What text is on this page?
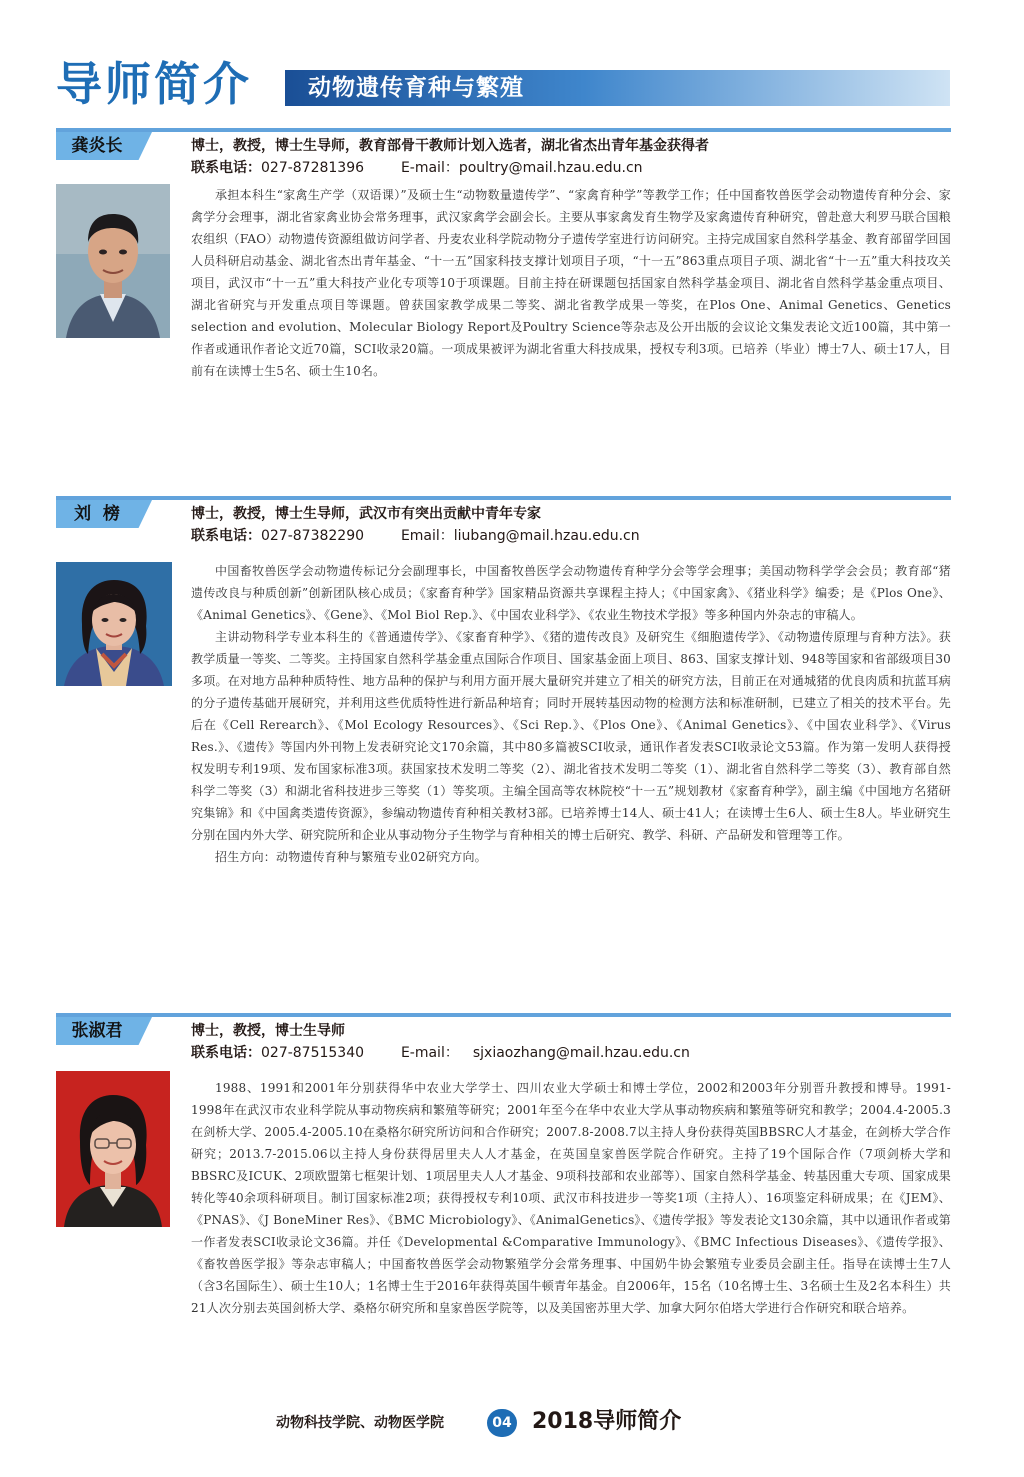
导师简介 动物遗传育种与繁殖
龚炎长	博士，教授，博士生导师，教育部骨干教师计划入选者，湖北省杰出青年基金获得者
联系电话：027-87281396	E-mail：poultry@mail.hzau.edu.cn

承担本科生“家禽生产学（双语课）”及硕士生“动物数量遗传学”、“家禽育种学”等教学工作；任中国畜牧兽医学会动物遗传育种分会、家禽学分会理事，湖北省家禽业协会常务理事，武汉家禽学会副会长。主要从事家禽发育生物学及家禽遗传育种研究，曾赴意大利罗马联合国粮农组织（FAO）动物遗传资源组做访问学者、丹麦农业科学院动物分子遗传学室进行访问研究。主持完成国家自然科学基金、教育部留学回国人员科研启动基金、湖北省杰出青年基金、“十一五”国家科技支撑计划项目子项，“十一五”863重点项目子项、湖北省“十一五”重大科技攻关项目，武汉市“十一五”重大科技产业化专项等10于项课题。目前主持在研课题包括国家自然科学基金项目、湖北省自然科学基金重点项目、湖北省研究与开发重点项目等课题。曾获国家教学成果二等奖、湖北省教学成果一等奖，在Plos One、Animal Genetics、Genetics selection and evolution、Molecular Biology Report及Poultry Science等杂志及公开出版的会议论文集发表论文近100篇，其中第一作者或通讯作者论文近70篇，SCI收录20篇。一项成果被评为湖北省重大科技成果，授权专利3项。已培养（毕业）博士7人、硕士17人，目前有在读博士生5名、硕士生10名。

刘  榜	博士，教授，博士生导师，武汉市有突出贡献中青年专家
联系电话：027-87382290	Email：liubang@mail.hzau.edu.cn

中国畜牧兽医学会动物遗传标记分会副理事长，中国畜牧兽医学会动物遗传育种学分会等学会理事；美国动物科学学会会员；教育部“猪遗传改良与种质创新”创新团队核心成员；《家畜育种学》国家精品资源共享课程主持人；《中国家禽》、《猪业科学》编委；是《Plos One》、《Animal Genetics》、《Gene》、《Mol Biol Rep.》、《中国农业科学》、《农业生物技术学报》等多种国内外杂志的审稿人。

主讲动物科学专业本科生的《普通遗传学》、《家畜育种学》、《猪的遗传改良》及研究生《细胞遗传学》、《动物遗传原理与育种方法》。获教学质量一等奖、二等奖。主持国家自然科学基金重点国际合作项目、国家基金面上项目、863、国家支撑计划、948等国家和省部级项目30多项。在对地方品种种质特性、地方品种的保护与利用方面开展大量研究并建立了相关的研究方法，目前正在对通城猪的优良肉质和抗蓝耳病的分子遗传基础开展研究，并利用这些优质特性进行新品种培育；同时开展转基因动物的检测方法和标准研制，已建立了相关的技术平台。先后在《Cell Rerearch》、《Mol Ecology Resources》、《Sci Rep.》、《Plos One》、《Animal Genetics》、《中国农业科学》、《Virus Res.》、《遗传》等国内外刊物上发表研究论文170余篇，其中80多篇被SCI收录，通讯作者发表SCI收录论文53篇。作为第一发明人获得授权发明专利19项、发布国家标准3项。获国家技术发明二等奖（2）、湖北省技术发明二等奖（1）、湖北省自然科学二等奖（3）、教育部自然科学二等奖（3）和湖北省科技进步三等奖（1）等奖项。主编全国高等农林院校“十一五”规划教材《家畜育种学》，副主编《中国地方名猪研究集锦》和《中国禽类遗传资源》，参编动物遗传育种相关教材3部。已培养博士14人、硕士41人；在读博士生6人、硕士生8人。毕业研究生分别在国内外大学、研究院所和企业从事动物分子生物学与育种相关的博士后研究、教学、科研、产品研发和管理等工作。

招生方向：动物遗传育种与繁殖专业02研究方向。

张淑君	博士，教授，博士生导师
联系电话：027-87515340	E-mail： sjxiaozhang@mail.hzau.edu.cn

1988、1991和2001年分别获得华中农业大学学士、四川农业大学硕士和博士学位，2002和2003年分别晋升教授和博导。1991-1998年在武汉市农业科学院从事动物疾病和繁殖等研究；2001年至今在华中农业大学从事动物疾病和繁殖等研究和教学；2004.4-2005.3在剑桥大学、2005.4-2005.10在桑格尔研究所访问和合作研究；2007.8-2008.7以主持人身份获得英国BBSRC人才基金，在剑桥大学合作研究；2013.7-2015.06以主持人身份获得居里夫人人才基金，在英国皇家兽医学院合作研究。主持了19个国际合作（7项剑桥大学和BBSRC及ICUK、2项欧盟第七框架计划、1项居里夫人人才基金、9项科技部和农业部等）、国家自然科学基金、转基因重大专项、国家成果转化等40余项科研项目。制订国家标准2项；获得授权专利10项、武汉市科技进步一等奖1项（主持人）、16项鉴定科研成果；在《JEM》、《PNAS》、《J BoneMiner Res》、《BMC Microbiology》、《AnimalGenetics》、《遗传学报》等发表论文130余篇，其中以通讯作者或第一作者发表SCI收录论文36篇。并任《Developmental &Comparative Immunology》、《BMC Infectious Diseases》、《遗传学报》、《畜牧兽医学报》等杂志审稿人；中国畜牧兽医学会动物繁殖学分会常务理事、中国奶牛协会繁殖专业委员会副主任。指导在读博士生7人（含3名国际生）、硕士生10人；1名博士生于2016年获得英国牛顿青年基金。自2006年，15名（10名博士生、3名硕士生及2名本科生）共21人次分别去英国剑桥大学、桑格尔研究所和皇家兽医学院等，以及美国密苏里大学、加拿大阿尔伯塔大学进行合作研究和联合培养。

动物科技学院、动物医学院	04 2018导师简介
